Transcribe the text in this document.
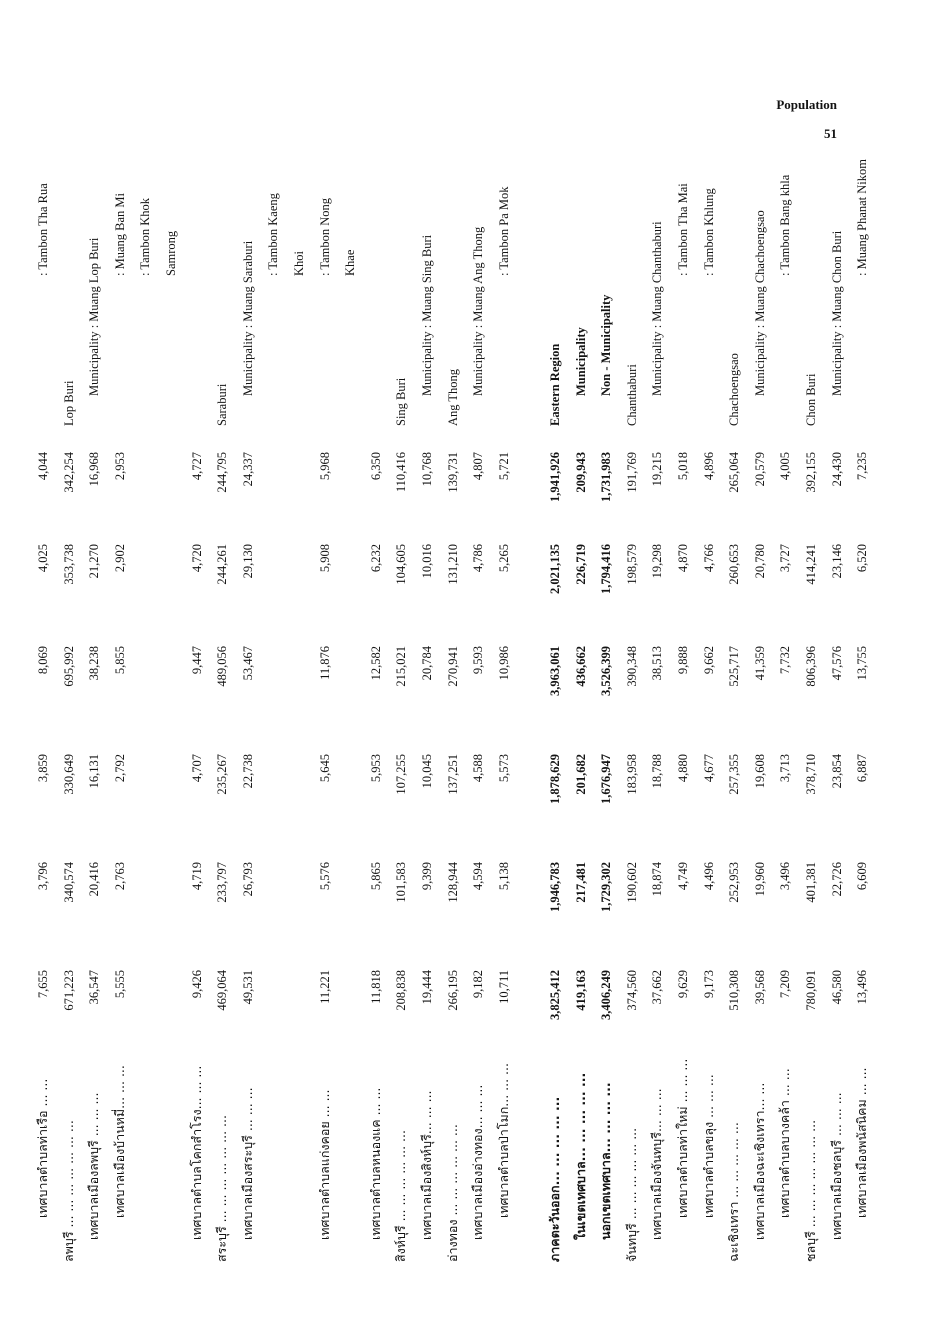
Population
51
เทศบาลตำบลท่าเรือ ... ...
7,655
3,796
3,859
8,069
4,025
4,044
: Tambon Tha Rua
ลพบุรี ... ... ... ... ... ... ...
671,223
340,574
330,649
695,992
353,738
342,254
Lop Buri
เทศบาลเมืองลพบุรี ... ... ...
36,547
20,416
16,131
38,238
21,270
16,968
Municipality : Muang Lop Buri
เทศบาลเมืองบ้านหมี่... ... ...
5,555
2,763
2,792
5,855
2,902
2,953
: Muang Ban Mi : Tambon Khok Samrong
เทศบาลตำบลโคกสำโรง... ... ...
9,426
4,719
4,707
9,447
4,720
4,727
สระบุรี ... ... ... ... ... ... ...
469,064
233,797
235,267
489,056
244,261
244,795
Saraburi
เทศบาลเมืองสระบุรี ... ... ...
49,531
26,793
22,738
53,467
29,130
24,337
Municipality : Muang Saraburi
: Tambon Kaeng Khoi
เทศบาลตำบลแก่งคอย ... ...
11,221
5,576
5,645
11,876
5,908
5,968
: Tambon Nong Khae
เทศบาลตำบลหนองแค ... ...
11,818
5,865
5,953
12,582
6,232
6,350
สิงห์บุรี ... ... ... ... ... ...
208,838
101,583
107,255
215,021
104,605
110,416
Sing Buri
เทศบาลเมืองสิงห์บุรี... ... ...
19,444
9,399
10,045
20,784
10,016
10,768
Municipality : Muang Sing Buri
อ่างทอง ... ... ... ... ... ...
266,195
128,944
137,251
270,941
131,210
139,731
Ang Thong
เทศบาลเมืองอ่างทอง... ... ...
9,182
4,594
4,588
9,593
4,786
4,807
Municipality : Muang Ang Thong
เทศบาลตำบลป่าโมก... ... ...
10,711
5,138
5,573
10,986
5,265
5,721
: Tambon Pa Mok
ภาคตะวันออก... ... ... ... ...
3,825,412
1,946,783
1,878,629
3,963,061
2,021,135
1,941,926
Eastern Region
ในเขตเทศบาล... ... ... ... ...
419,163
217,481
201,682
436,662
226,719
209,943
Municipality
นอกเขตเทศบาล... ... ... ...
3,406,249
1,729,302
1,676,947
3,526,399
1,794,416
1,731,983
Non - Municipality
จันทบุรี ... ... ... ... ... ...
374,560
190,602
183,958
390,348
198,579
191,769
Chanthaburi
เทศบาลเมืองจันทบุรี... ... ...
37,662
18,874
18,788
38,513
19,298
19,215
Municipality : Muang Chanthaburi
เทศบาลตำบลท่าใหม่ ... ... ...
9,629
4,749
4,880
9,888
4,870
5,018
: Tambon Tha Mai
เทศบาลตำบลขลุง ... ... ...
9,173
4,496
4,677
9,662
4,766
4,896
: Tambon Khlung
ฉะเชิงเทรา ... ... ... ... ...
510,308
252,953
257,355
525,717
260,653
265,064
Chachoengsao
เทศบาลเมืองฉะเชิงเทรา... ...
39,568
19,960
19,608
41,359
20,780
20,579
Municipality : Muang Chachoengsao
เทศบาลตำบลบางคล้า ... ...
7,209
3,496
3,713
7,732
3,727
4,005
: Tambon Bang khla
ชลบุรี ... ... ... ... ... ... ...
780,091
401,381
378,710
806,396
414,241
392,155
Chon Buri
เทศบาลเมืองชลบุรี ... ... ...
46,580
22,726
23,854
47,576
23,146
24,430
Municipality : Muang Chon Buri
เทศบาลเมืองพนัสนิคม ... ...
13,496
6,609
6,887
13,755
6,520
7,235
: Muang Phanat Nikom
